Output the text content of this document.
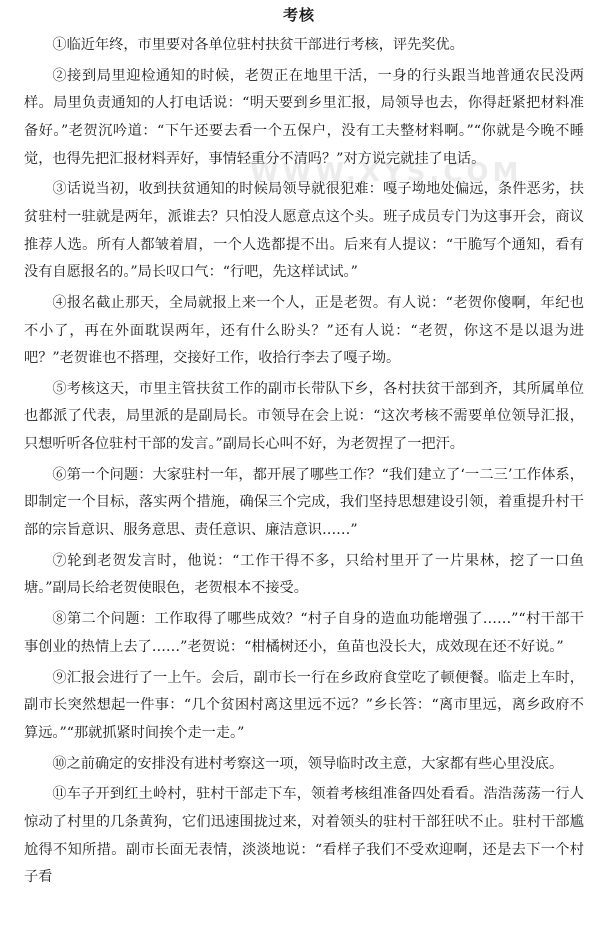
WWW.XYS.COM
考核

①临近年终，市里要对各单位驻村扶贫干部进行考核，评先奖优。

②接到局里迎检通知的时候，老贺正在地里干活，一身的行头跟当地普通农民没两样。局里负责通知的人打电话说：“明天要到乡里汇报，局领导也去，你得赶紧把材料准备好。”老贺沉吟道：“下午还要去看一个五保户，没有工夫整材料啊。”“你就是今晚不睡觉，也得先把汇报材料弄好，事情轻重分不清吗？”对方说完就挂了电话。

③话说当初，收到扶贫通知的时候局领导就很犯难：嘎子坳地处偏远，条件恶劣，扶贫驻村一驻就是两年，派谁去？只怕没人愿意点这个头。班子成员专门为这事开会，商议推荐人选。所有人都皱着眉，一个人选都提不出。后来有人提议：“干脆写个通知，看有没有自愿报名的。”局长叹口气：“行吧，先这样试试。”

④报名截止那天，全局就报上来一个人，正是老贺。有人说：“老贺你傻啊，年纪也不小了，再在外面耽误两年，还有什么盼头？”还有人说：“老贺，你这不是以退为进吧？”老贺谁也不搭理，交接好工作，收拾行李去了嘎子坳。

⑤考核这天，市里主管扶贫工作的副市长带队下乡，各村扶贫干部到齐，其所属单位也都派了代表，局里派的是副局长。市领导在会上说：“这次考核不需要单位领导汇报，只想听听各位驻村干部的发言。”副局长心叫不好，为老贺捏了一把汗。

⑥第一个问题：大家驻村一年，都开展了哪些工作？“我们建立了‘一二三’工作体系，即制定一个目标，落实两个措施，确保三个完成，我们坚持思想建设引领，着重提升村干部的宗旨意识、服务意思、责任意识、廉洁意识……”

⑦轮到老贺发言时，他说：“工作干得不多，只给村里开了一片果林，挖了一口鱼塘。”副局长给老贺使眼色，老贺根本不接受。

⑧第二个问题：工作取得了哪些成效？“村子自身的造血功能增强了……”“村干部干事创业的热情上去了……”老贺说：“柑橘树还小，鱼苗也没长大，成效现在还不好说。”

⑨汇报会进行了一上午。会后，副市长一行在乡政府食堂吃了顿便餐。临走上车时，副市长突然想起一件事：“几个贫困村离这里远不远？”乡长答：“离市里远，离乡政府不算远。”“那就抓紧时间挨个走一走。”

⑩之前确定的安排没有进村考察这一项，领导临时改主意，大家都有些心里没底。

⑪车子开到红土岭村，驻村干部走下车，领着考核组准备四处看看。浩浩荡荡一行人惊动了村里的几条黄狗，它们迅速围拢过来，对着领头的驻村干部狂吠不止。驻村干部尴尬得不知所措。副市长面无表情，淡淡地说：“看样子我们不受欢迎啊，还是去下一个村子看
